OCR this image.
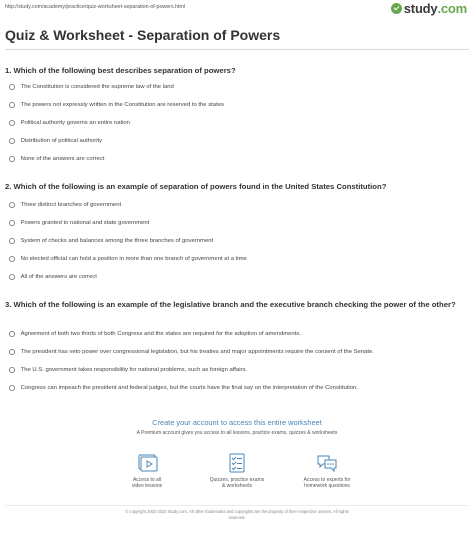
http://study.com/academy/practice/quiz-worksheet-separation-of-powers.html	study .com
Quiz & Worksheet - Separation of Powers
1. Which of the following best describes separation of powers?
The Constitution is considered the supreme law of the land
The powers not expressly written in the Constitution are reserved to the states
Political authority governs an entire nation
Distribution of political authority
None of the answers are correct
2. Which of the following is an example of separation of powers found in the United States Constitution?
Three distinct branches of government
Powers granted to national and state government
System of checks and balances among the three branches of government
No elected official can hold a position in more than one branch of government at a time
All of the answers are correct
3. Which of the following is an example of the legislative branch and the executive branch checking the power of the other?
Agreement of both two thirds of both Congress and the states are required for the adoption of amendments.
The president has veto power over congressional legislation, but his treaties and major appointments require the consent of the Senate.
The U.S. government takes responsibility for national problems, such as foreign affairs.
Congress can impeach the president and federal judges, but the courts have the final say on the interpretation of the Constitution.
Create your account to access this entire worksheet
A Premium account gives you access to all lessons, practice exams, quizzes & worksheets
Access to all
video lessons
Quizzes, practice exams
& worksheets
Access to experts for
homework questions
© copyright 2003-2020 Study.com. All other trademarks and copyrights are the property of their respective owners. All rights
reserved.
